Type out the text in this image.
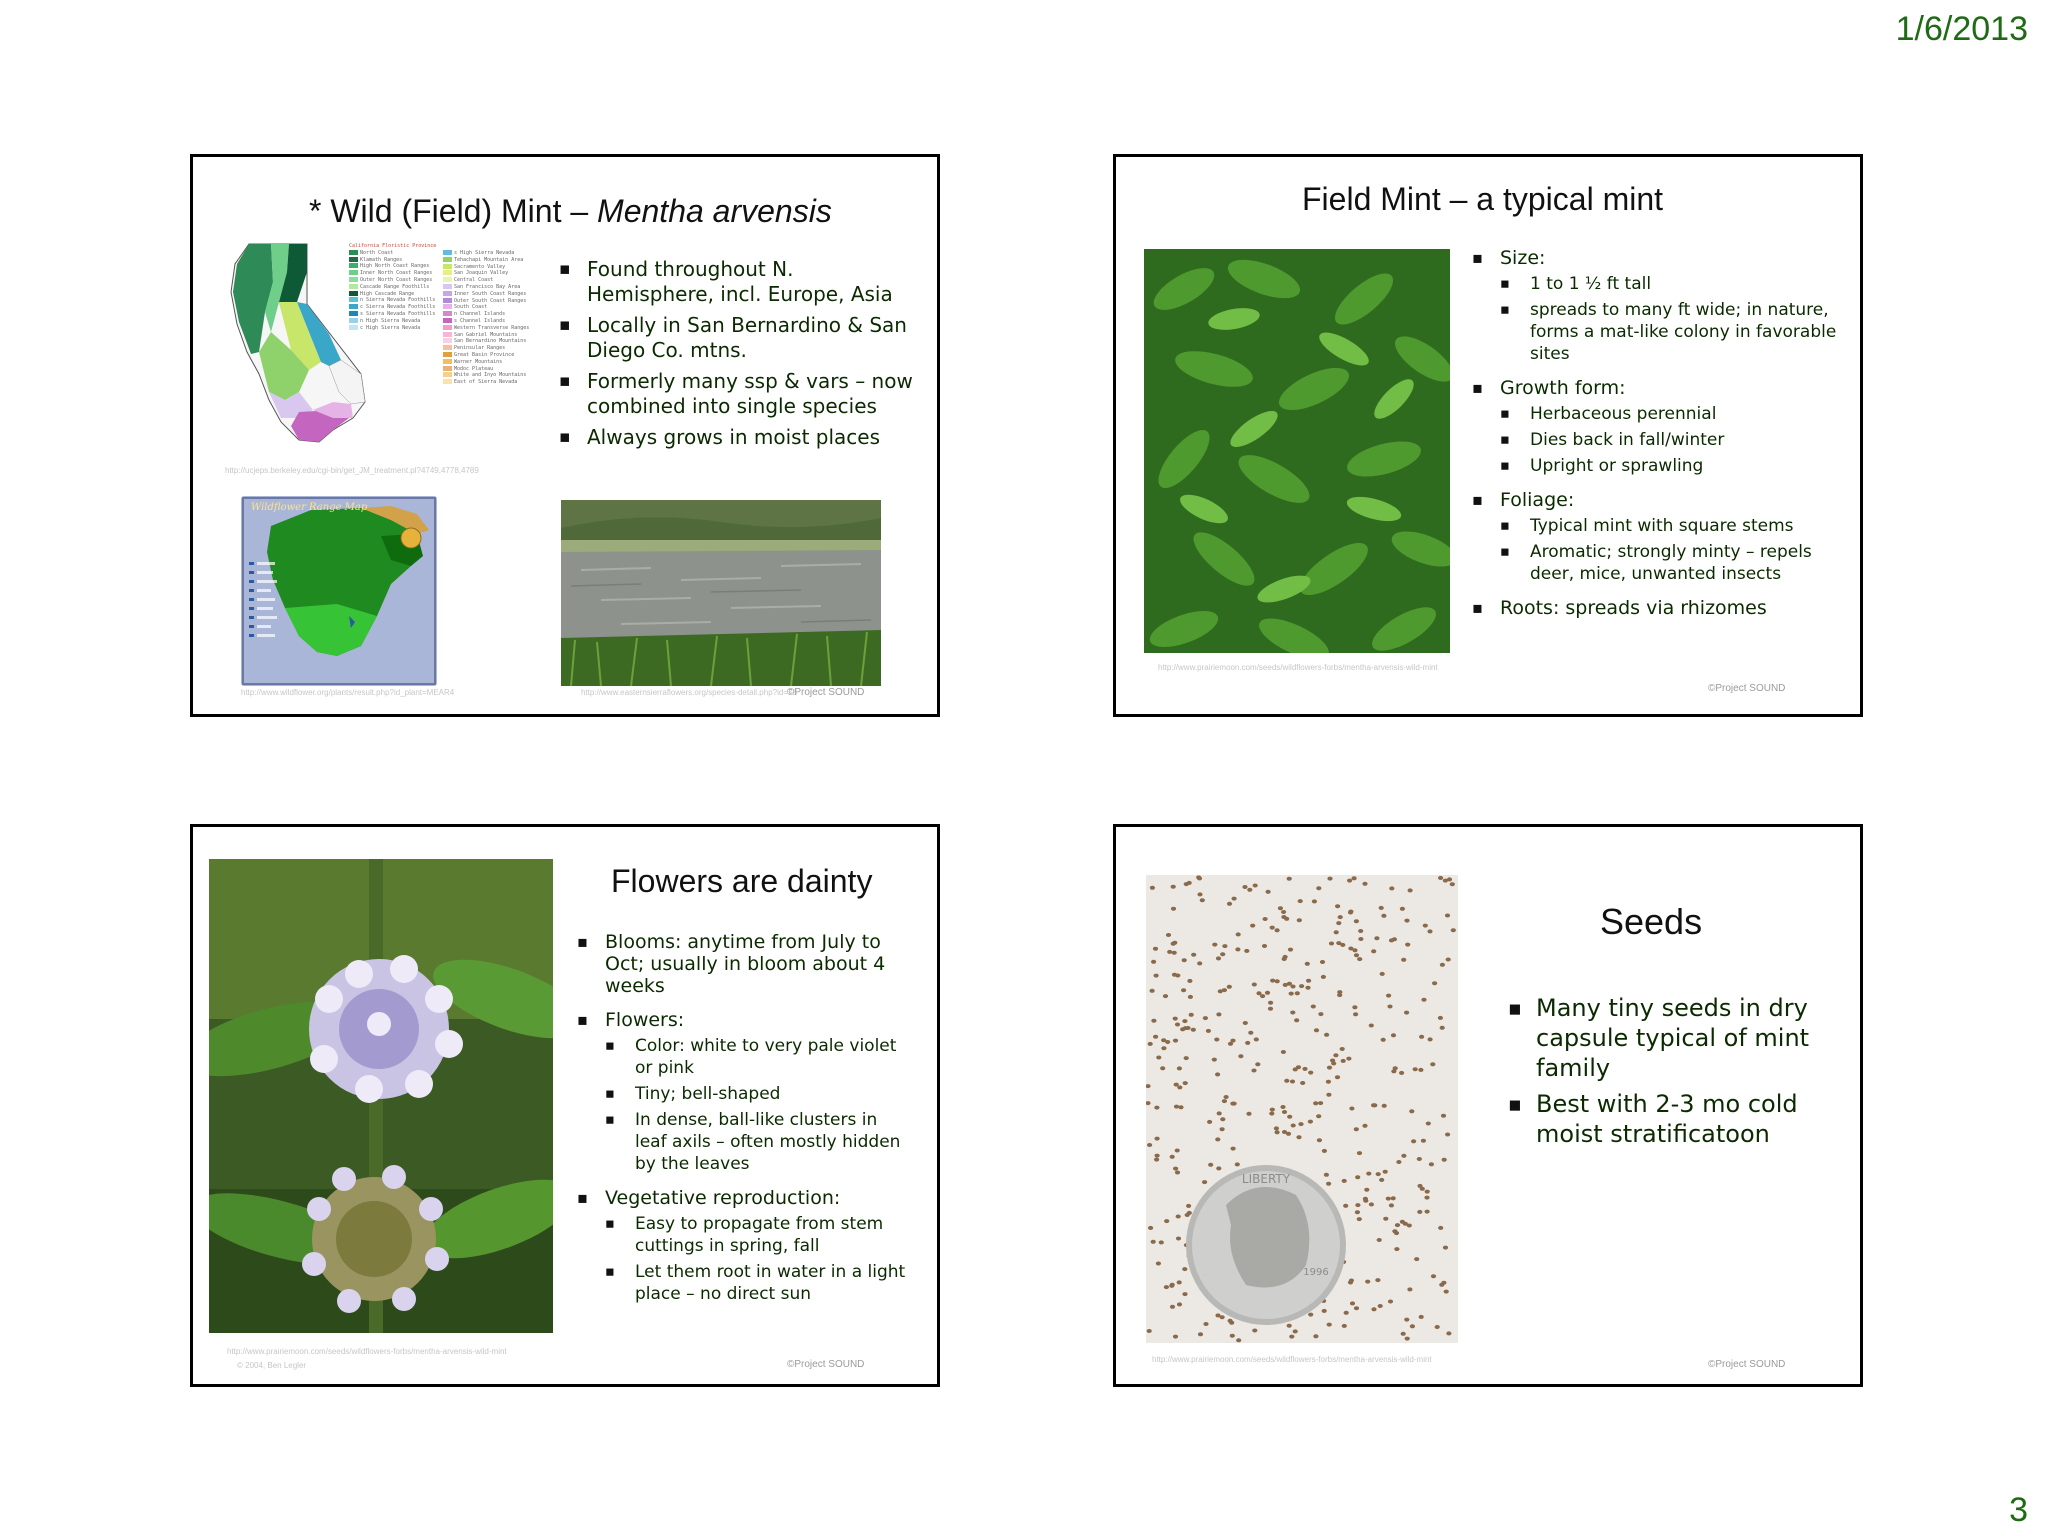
1/6/2013
* Wild (Field) Mint – Mentha arvensis
California Floristic Province
North Coast
Klamath Ranges
High North Coast Ranges
Inner North Coast Ranges
Outer North Coast Ranges
Cascade Range Foothills
High Cascade Range
n Sierra Nevada Foothills
c Sierra Nevada Foothills
s Sierra Nevada Foothills
n High Sierra Nevada
c High Sierra Nevada
s High Sierra Nevada
Tehachapi Mountain Area
Sacramento Valley
San Joaquin Valley
Central Coast
San Francisco Bay Area
Inner South Coast Ranges
Outer South Coast Ranges
South Coast
n Channel Islands
s Channel Islands
Western Transverse Ranges
San Gabriel Mountains
San Bernardino Mountains
Peninsular Ranges
Great Basin Province
Warner Mountains
Modoc Plateau
White and Inyo Mountains
East of Sierra Nevada
http://ucjeps.berkeley.edu/cgi-bin/get_JM_treatment.pl?4749,4778,4789
▪ Found throughout N. Hemisphere, incl. Europe, Asia
▪ Locally in San Bernardino & San Diego Co. mtns.
▪ Formerly many ssp & vars – now combined into single species
▪ Always grows in moist places
Wildflower Range Map
http://www.wildflower.org/plants/result.php?id_plant=MEAR4	http://www.easternsierraflowers.org/species-detail.php?id=78
©Project SOUND
Field Mint – a typical mint
http://www.prairiemoon.com/seeds/wildflowers-forbs/mentha-arvensis-wild-mint
▪ Size:
▪ 1 to 1 ½ ft tall
▪ spreads to many ft wide; in nature, forms a mat-like colony in favorable sites
▪ Growth form:
▪ Herbaceous perennial
▪ Dies back in fall/winter
▪ Upright or sprawling
▪ Foliage:
▪ Typical mint with square stems
▪ Aromatic; strongly minty – repels deer, mice, unwanted insects
▪ Roots: spreads via rhizomes
©Project SOUND
http://www.prairiemoon.com/seeds/wildflowers-forbs/mentha-arvensis-wild-mint
© 2004, Ben Legler
Flowers are dainty
▪ Blooms: anytime from July to Oct; usually in bloom about 4 weeks
▪ Flowers:
▪ Color: white to very pale violet or pink
▪ Tiny; bell-shaped
▪ In dense, ball-like clusters in leaf axils – often mostly hidden by the leaves
▪ Vegetative reproduction:
▪ Easy to propagate from stem cuttings in spring, fall
▪ Let them root in water in a light place – no direct sun
©Project SOUND
LIBERTY
1996
http://www.prairiemoon.com/seeds/wildflowers-forbs/mentha-arvensis-wild-mint
Seeds
▪ Many tiny seeds in dry capsule typical of mint family
▪ Best with 2-3 mo cold moist stratificatoon
©Project SOUND
3
